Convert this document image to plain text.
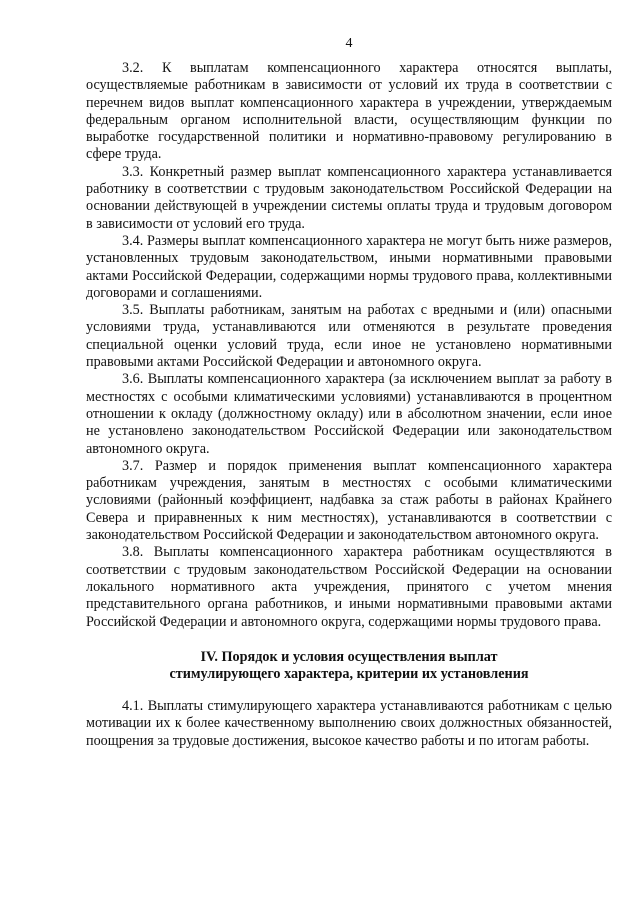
4

3.2. К выплатам компенсационного характера относятся выплаты, осуществляемые работникам в зависимости от условий их труда в соответствии с перечнем видов выплат компенсационного характера в учреждении, утверждаемым федеральным органом исполнительной власти, осуществляющим функции по выработке государственной политики и нормативно-правовому регулированию в сфере труда.

3.3. Конкретный размер выплат компенсационного характера устанавливается работнику в соответствии с трудовым законодательством Российской Федерации на основании действующей в учреждении системы оплаты труда и трудовым договором в зависимости от условий его труда.

3.4. Размеры выплат компенсационного характера не могут быть ниже размеров, установленных трудовым законодательством, иными нормативными правовыми актами Российской Федерации, содержащими нормы трудового права, коллективными договорами и соглашениями.

3.5. Выплаты работникам, занятым на работах с вредными и (или) опасными условиями труда, устанавливаются или отменяются в результате проведения специальной оценки условий труда, если иное не установлено нормативными правовыми актами Российской Федерации и автономного округа.

3.6. Выплаты компенсационного характера (за исключением выплат за работу в местностях с особыми климатическими условиями) устанавливаются в процентном отношении к окладу (должностному окладу) или в абсолютном значении, если иное не установлено законодательством Российской Федерации или законодательством автономного округа.

3.7. Размер и порядок применения выплат компенсационного характера работникам учреждения, занятым в местностях с особыми климатическими условиями (районный коэффициент, надбавка за стаж работы в районах Крайнего Севера и приравненных к ним местностях), устанавливаются в соответствии с законодательством Российской Федерации и законодательством автономного округа.

3.8. Выплаты компенсационного характера работникам осуществляются в соответствии с трудовым законодательством Российской Федерации на основании локального нормативного акта учреждения, принятого с учетом мнения представительного органа работников, и иными нормативными правовыми актами Российской Федерации и автономного округа, содержащими нормы трудового права.

IV. Порядок и условия осуществления выплат
стимулирующего характера, критерии их установления

4.1. Выплаты стимулирующего характера устанавливаются работникам с целью мотивации их к более качественному выполнению своих должностных обязанностей, поощрения за трудовые достижения, высокое качество работы и по итогам работы.
